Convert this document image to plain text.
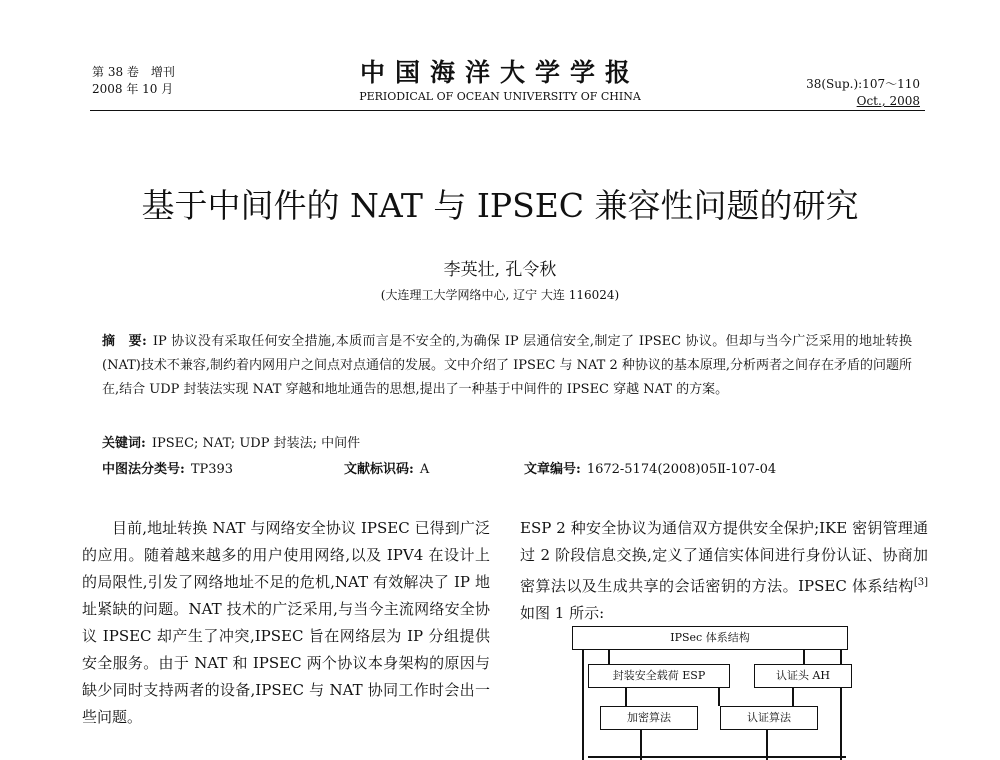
第 38 卷　增刊
2008 年 10 月
中国海洋大学学报
PERIODICAL OF OCEAN UNIVERSITY OF CHINA
38(Sup.):107～110
Oct., 2008
基于中间件的 NAT 与 IPSEC 兼容性问题的研究
李英壮, 孔令秋
(大连理工大学网络中心, 辽宁 大连 116024)
摘　要: IP 协议没有采取任何安全措施,本质而言是不安全的,为确保 IP 层通信安全,制定了 IPSEC 协议。但却与当今广泛采用的地址转换(NAT)技术不兼容,制约着内网用户之间点对点通信的发展。文中介绍了 IPSEC 与 NAT 2 种协议的基本原理,分析两者之间存在矛盾的问题所在,结合 UDP 封装法实现 NAT 穿越和地址通告的思想,提出了一种基于中间件的 IPSEC 穿越 NAT 的方案。
关键词: IPSEC; NAT; UDP 封装法; 中间件
中图法分类号: TP393	文献标识码: A	文章编号: 1672-5174(2008)05Ⅱ-107-04
目前,地址转换 NAT 与网络安全协议 IPSEC 已得到广泛的应用。随着越来越多的用户使用网络,以及 IPV4 在设计上的局限性,引发了网络地址不足的危机,NAT 有效解决了 IP 地址紧缺的问题。NAT 技术的广泛采用,与当今主流网络安全协议 IPSEC 却产生了冲突,IPSEC 旨在网络层为 IP 分组提供安全服务。由于 NAT 和 IPSEC 两个协议本身架构的原因与缺少同时支持两者的设备,IPSEC 与 NAT 协同工作时会出一些问题。
ESP 2 种安全协议为通信双方提供安全保护;IKE 密钥管理通过 2 阶段信息交换,定义了通信实体间进行身份认证、协商加密算法以及生成共享的会话密钥的方法。IPSEC 体系结构[3]如图 1 所示:
IPSec 体系结构
封装安全载荷 ESP	认证头 AH
加密算法	认证算法
